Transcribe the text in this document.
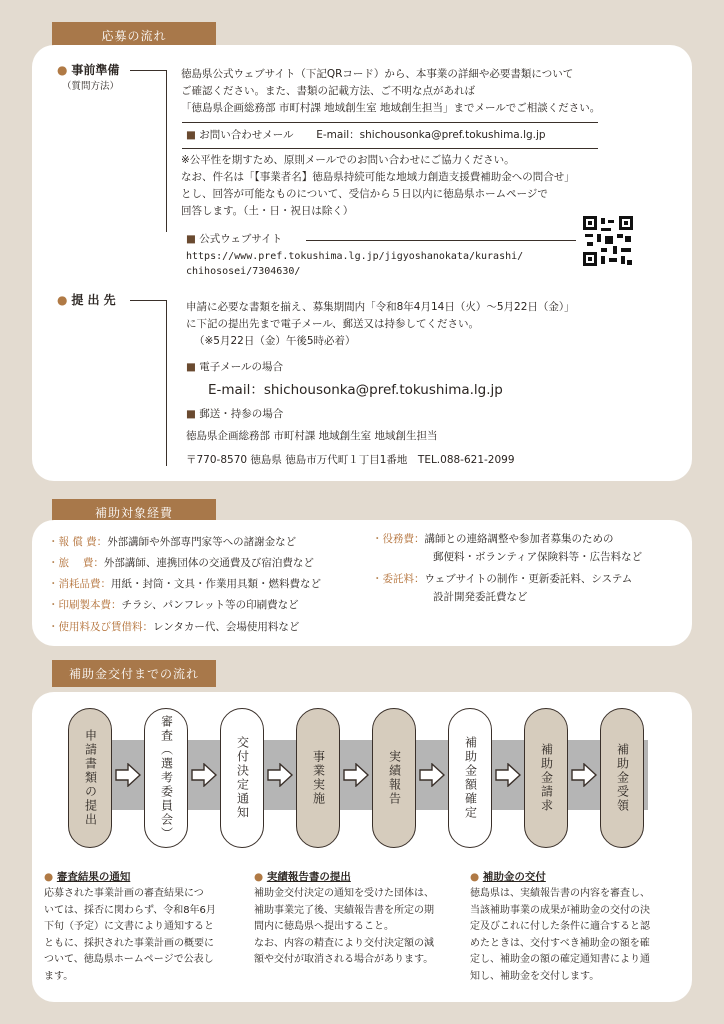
応募の流れ
● 事前準備
（質問方法）
徳島県公式ウェブサイト（下記QRコード）から、本事業の詳細や必要書類について
ご確認ください。また、書類の記載方法、ご不明な点があれば
「徳島県企画総務部 市町村課 地域創生室 地域創生担当」までメールでご相談ください。
■ お問い合わせメール E-mail：shichousonka@pref.tokushima.lg.jp
※公平性を期すため、原則メールでのお問い合わせにご協力ください。
なお、件名は「【事業者名】徳島県持続可能な地域力創造支援費補助金への問合せ」
とし、回答が可能なものについて、受信から５日以内に徳島県ホームページで
回答します。（土・日・祝日は除く）
■ 公式ウェブサイト
https://www.pref.tokushima.lg.jp/jigyoshanokata/kurashi/
chihososei/7304630/
● 提 出 先	申請に必要な書類を揃え、募集期間内「令和8年4月14日（火）～5月22日（金）」
に下記の提出先まで電子メール、郵送又は持参してください。
（※5月22日（金）午後5時必着）
■ 電子メールの場合
E-mail：shichousonka@pref.tokushima.lg.jp
■ 郵送・持参の場合
徳島県企画総務部 市町村課 地域創生室 地域創生担当
〒770-8570 徳島県 徳島市万代町１丁目1番地　TEL.088-621-2099
補助対象経費
・報 償 費：外部講師や外部専門家等への諸謝金など
・旅　 費：外部講師、連携団体の交通費及び宿泊費など
・消耗品費：用紙・封筒・文具・作業用具類・燃料費など
・印刷製本費：チラシ、パンフレット等の印刷費など
・使用料及び賃借料：レンタカー代、会場使用料など
・役務費：講師との連絡調整や参加者募集のための
郵便料・ボランティア保険料等・広告料など
・委託料：ウェブサイトの制作・更新委託料、システム
設計開発委託費など
補助金交付までの流れ
申請書類の提出	審査（選考委員会）	交付決定通知	事業実施	実績報告	補助金額確定	補助金請求	補助金受領
● 審査結果の通知
応募された事業計画の審査結果につ
いては、採否に関わらず、令和8年6月
下旬（予定）に文書により通知すると
ともに、採択された事業計画の概要に
ついて、徳島県ホームページで公表し
ます。
● 実績報告書の提出
補助金交付決定の通知を受けた団体は、
補助事業完了後、実績報告書を所定の期
間内に徳島県へ提出すること。
なお、内容の精査により交付決定額の減
額や交付が取消される場合があります。
● 補助金の交付
徳島県は、実績報告書の内容を審査し、
当該補助事業の成果が補助金の交付の決
定及びこれに付した条件に適合すると認
めたときは、交付すべき補助金の額を確
定し、補助金の額の確定通知書により通
知し、補助金を交付します。
